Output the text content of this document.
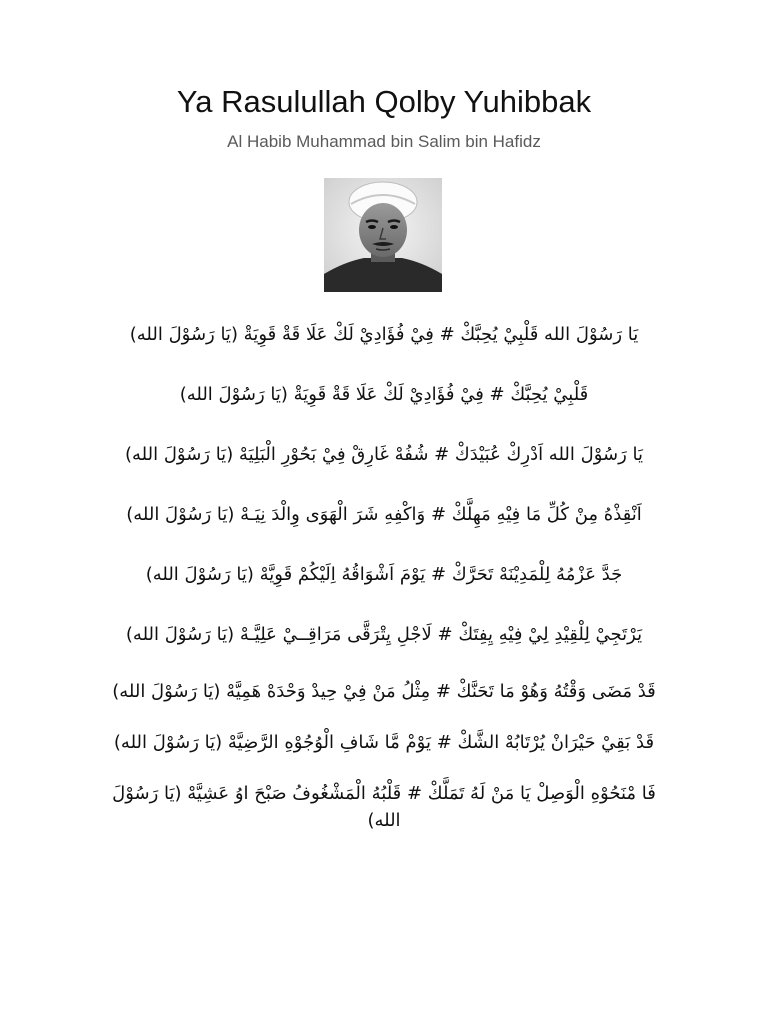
Ya Rasulullah Qolby Yuhibbak
Al Habib Muhammad bin Salim bin Hafidz

يَا رَسُوْلَ الله قَلْبِيْ يُحِبَّكْ # فِيْ فُؤَادِيْ لَكْ عَلَا قَةْ قَوِيَةْ (يَا رَسُوْلَ الله)

قَلْبِيْ يُحِبَّكْ # فِيْ فُؤَادِيْ لَكْ عَلَا قَةْ قَوِيَةْ (يَا رَسُوْلَ الله)

يَا رَسُوْلَ الله اَدْرِكْ عُبَيْدَكْ # شُفُهْ غَارِقْ فِيْ بَحُوْرِ الْبَلِيَهْ (يَا رَسُوْلَ الله)

اَنْقِذْهُ مِنْ كُلِّ مَا فِيْهِ مَهِلَّكْ # وَاكْفِهِ شَرَ الْهَوَى وِالْدَ نِيَـهْ (يَا رَسُوْلَ الله)

جَدَّ عَزْمُهُ لِلْمَدِيْنَهْ تَحَرَّكْ # يَوْمَ اَشْوَاقُهُ اِلَيْكُمْ قَوِيَّهْ (يَا رَسُوْلَ الله)

يَرْتَجِيْ لِلْقِيْدِ لِيْ فِيْهِ يِفِتَكْ # لَاجْلِ يِتْرَقَّى مَرَاقِــيْ عَلِيَّـهْ (يَا رَسُوْلَ الله)

قَدْ مَضَى وَقْتُهُ وَهُوْ مَا تَحَنَّكْ # مِثْلُ مَنْ فِيْ حِيدْ وَحْدَهْ هَمِيَّهْ (يَا رَسُوْلَ الله)

قَدْ بَقِيْ حَيْرَانْ يُرْتَابُهْ الشَّكْ # يَوْمْ مَّا شَافِ الْوُجُوْهِ الرَّضِيَّهْ (يَا رَسُوْلَ الله)

فَا مْنَحُوْهِ الْوَصِلْ يَا مَنْ لَهُ تَمَلَّكْ # قَلْبُهُ الْمَشْغُوفُ صَبْحَ اوُ عَشِيَّهْ (يَا رَسُوْلَ الله)
